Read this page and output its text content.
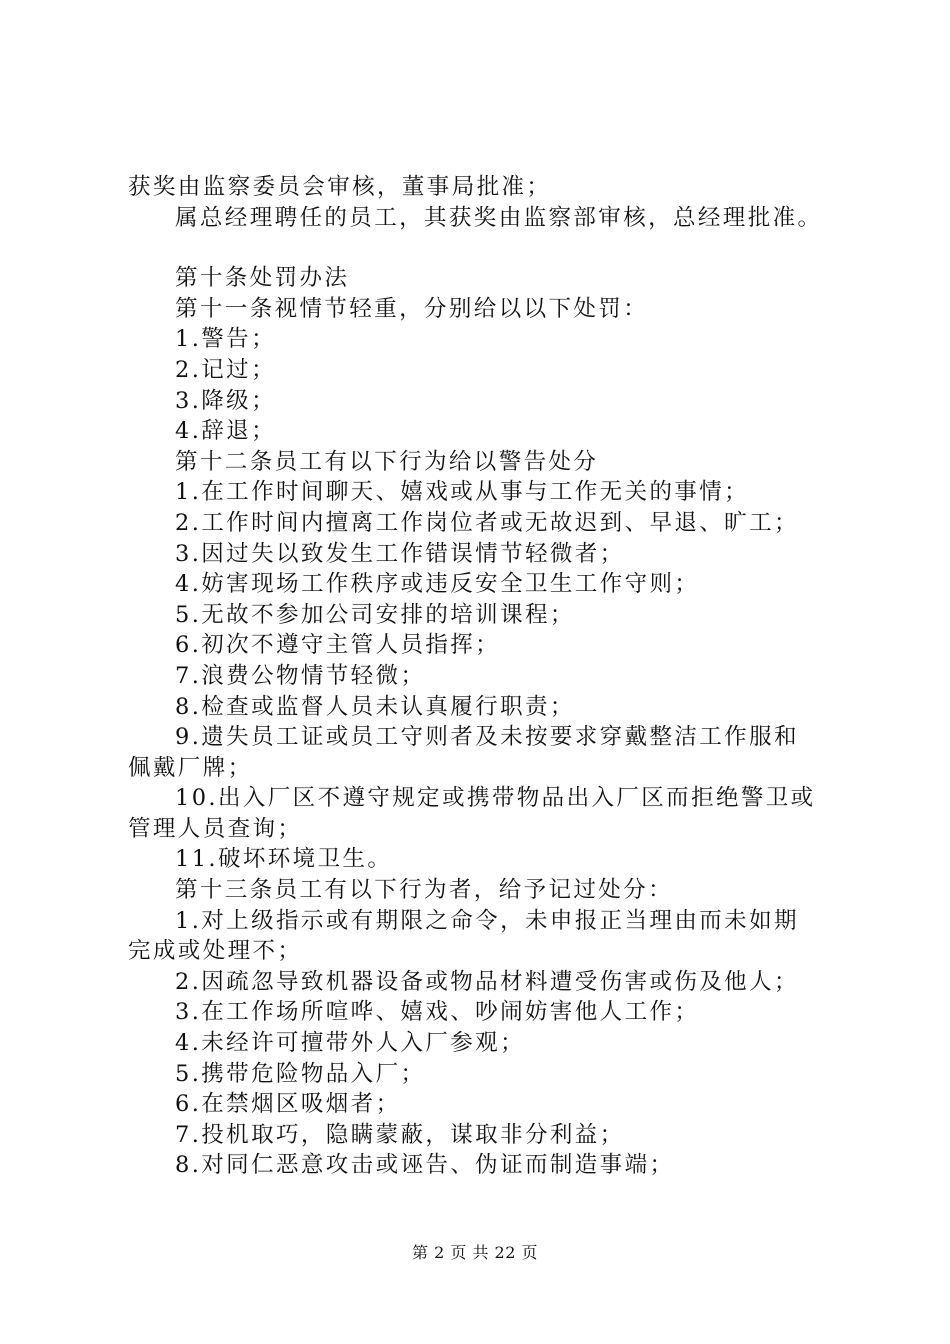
获奖由监察委员会审核，董事局批准；
属总经理聘任的员工，其获奖由监察部审核，总经理批准。
第十条处罚办法
第十一条视情节轻重，分别给以以下处罚：
1.警告；
2.记过；
3.降级；
4.辞退；
第十二条员工有以下行为给以警告处分
1.在工作时间聊天、嬉戏或从事与工作无关的事情；
2.工作时间内擅离工作岗位者或无故迟到、早退、旷工；
3.因过失以致发生工作错误情节轻微者；
4.妨害现场工作秩序或违反安全卫生工作守则；
5.无故不参加公司安排的培训课程；
6.初次不遵守主管人员指挥；
7.浪费公物情节轻微；
8.检查或监督人员未认真履行职责；
9.遗失员工证或员工守则者及未按要求穿戴整洁工作服和
佩戴厂牌；
10.出入厂区不遵守规定或携带物品出入厂区而拒绝警卫或
管理人员查询；
11.破坏环境卫生。
第十三条员工有以下行为者，给予记过处分：
1.对上级指示或有期限之命令，未申报正当理由而未如期
完成或处理不；
2.因疏忽导致机器设备或物品材料遭受伤害或伤及他人；
3.在工作场所喧哗、嬉戏、吵闹妨害他人工作；
4.未经许可擅带外人入厂参观；
5.携带危险物品入厂；
6.在禁烟区吸烟者；
7.投机取巧，隐瞒蒙蔽，谋取非分利益；
8.对同仁恶意攻击或诬告、伪证而制造事端；
第 2 页 共 22 页
